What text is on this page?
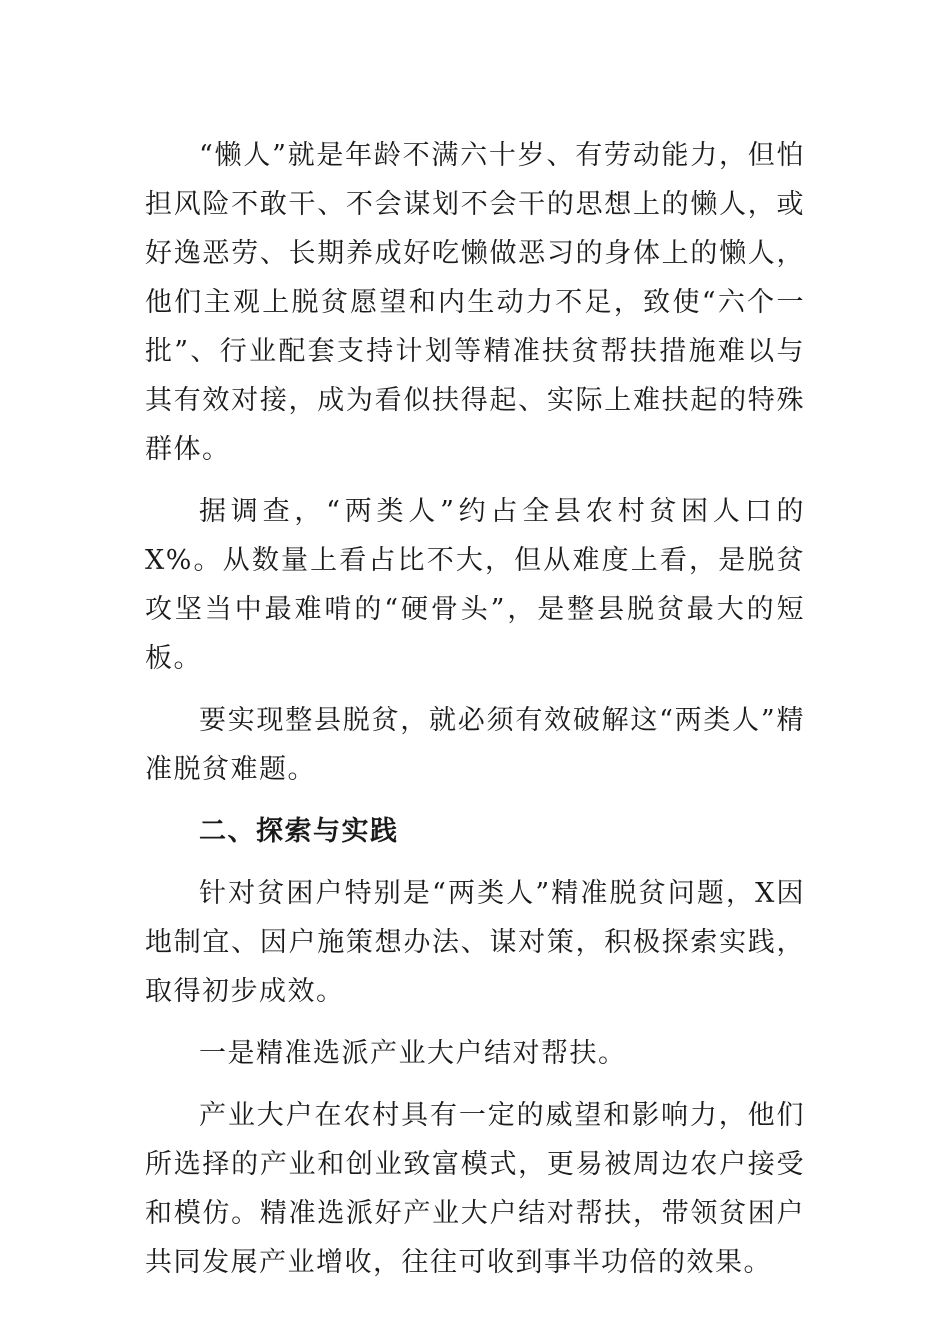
“懒人”就是年龄不满六十岁、有劳动能力，但怕担风险不敢干、不会谋划不会干的思想上的懒人，或好逸恶劳、长期养成好吃懒做恶习的身体上的懒人，他们主观上脱贫愿望和内生动力不足，致使“六个一批”、行业配套支持计划等精准扶贫帮扶措施难以与其有效对接，成为看似扶得起、实际上难扶起的特殊群体。

据调查，“两类人”约占全县农村贫困人口的X%。从数量上看占比不大，但从难度上看，是脱贫攻坚当中最难啃的“硬骨头”，是整县脱贫最大的短板。

要实现整县脱贫，就必须有效破解这“两类人”精准脱贫难题。

二、探索与实践

针对贫困户特别是“两类人”精准脱贫问题，X因地制宜、因户施策想办法、谋对策，积极探索实践，取得初步成效。

一是精准选派产业大户结对帮扶。

产业大户在农村具有一定的威望和影响力，他们所选择的产业和创业致富模式，更易被周边农户接受和模仿。精准选派好产业大户结对帮扶，带领贫困户共同发展产业增收，往往可收到事半功倍的效果。
